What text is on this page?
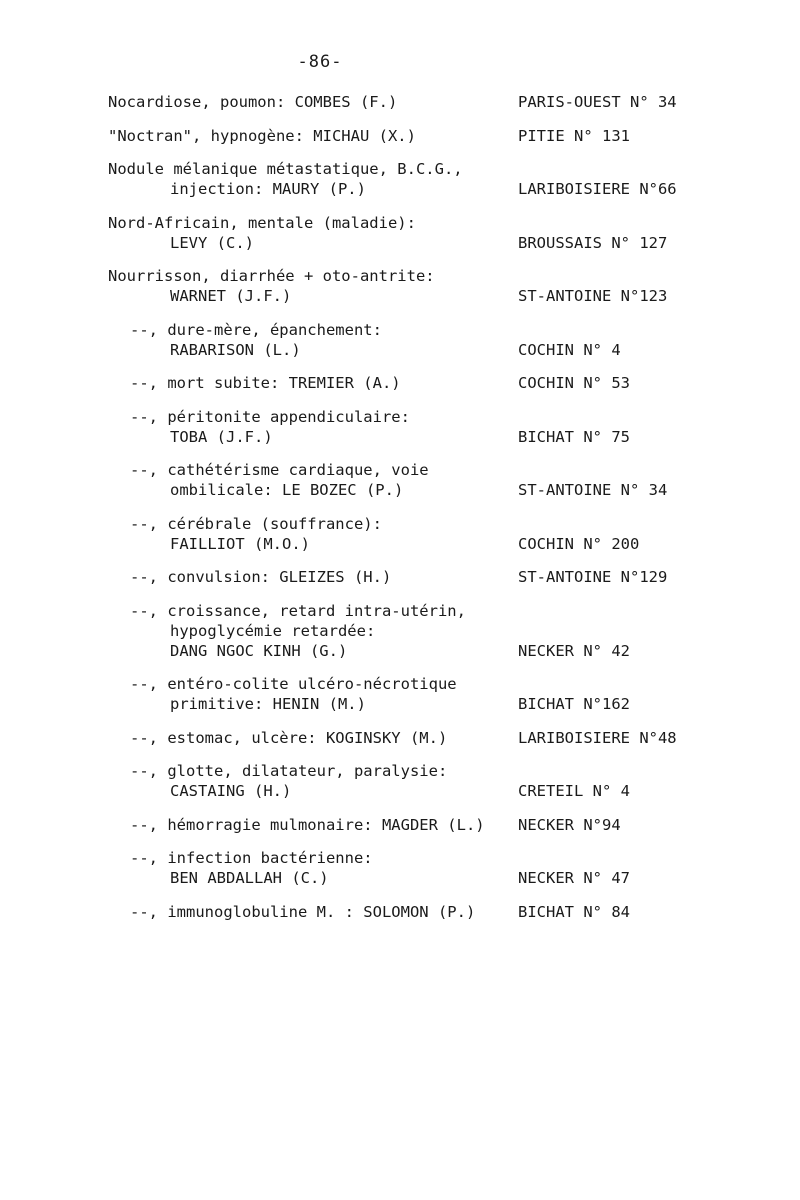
-86-
Nocardiose, poumon: COMBES (F.)	PARIS-OUEST N° 34
"Noctran", hypnogène: MICHAU (X.)	PITIE N° 131
Nodule mélanique métastatique, B.C.G.,
injection: MAURY (P.)	LARIBOISIERE N°66
Nord-Africain, mentale (maladie):
LEVY (C.)	BROUSSAIS N° 127
Nourrisson, diarrhée + oto-antrite:
WARNET (J.F.)	ST-ANTOINE N°123
--, dure-mère, épanchement:
RABARISON (L.)	COCHIN N° 4
--, mort subite: TREMIER (A.)	COCHIN N° 53
--, péritonite appendiculaire:
TOBA (J.F.)	BICHAT N° 75
--, cathétérisme cardiaque, voie
ombilicale: LE BOZEC (P.)	ST-ANTOINE N° 34
--, cérébrale (souffrance):
FAILLIOT (M.O.)	COCHIN N° 200
--, convulsion: GLEIZES (H.)	ST-ANTOINE N°129
--, croissance, retard intra-utérin,
hypoglycémie retardée:
DANG NGOC KINH (G.)	NECKER N° 42
--, entéro-colite ulcéro-nécrotique
primitive: HENIN (M.)	BICHAT N°162
--, estomac, ulcère: KOGINSKY (M.)	LARIBOISIERE N°48
--, glotte, dilatateur, paralysie:
CASTAING (H.)	CRETEIL N° 4
--, hémorragie mulmonaire: MAGDER (L.)	NECKER N°94
--, infection bactérienne:
BEN ABDALLAH (C.)	NECKER N° 47
--, immunoglobuline M. : SOLOMON (P.)	BICHAT N° 84
